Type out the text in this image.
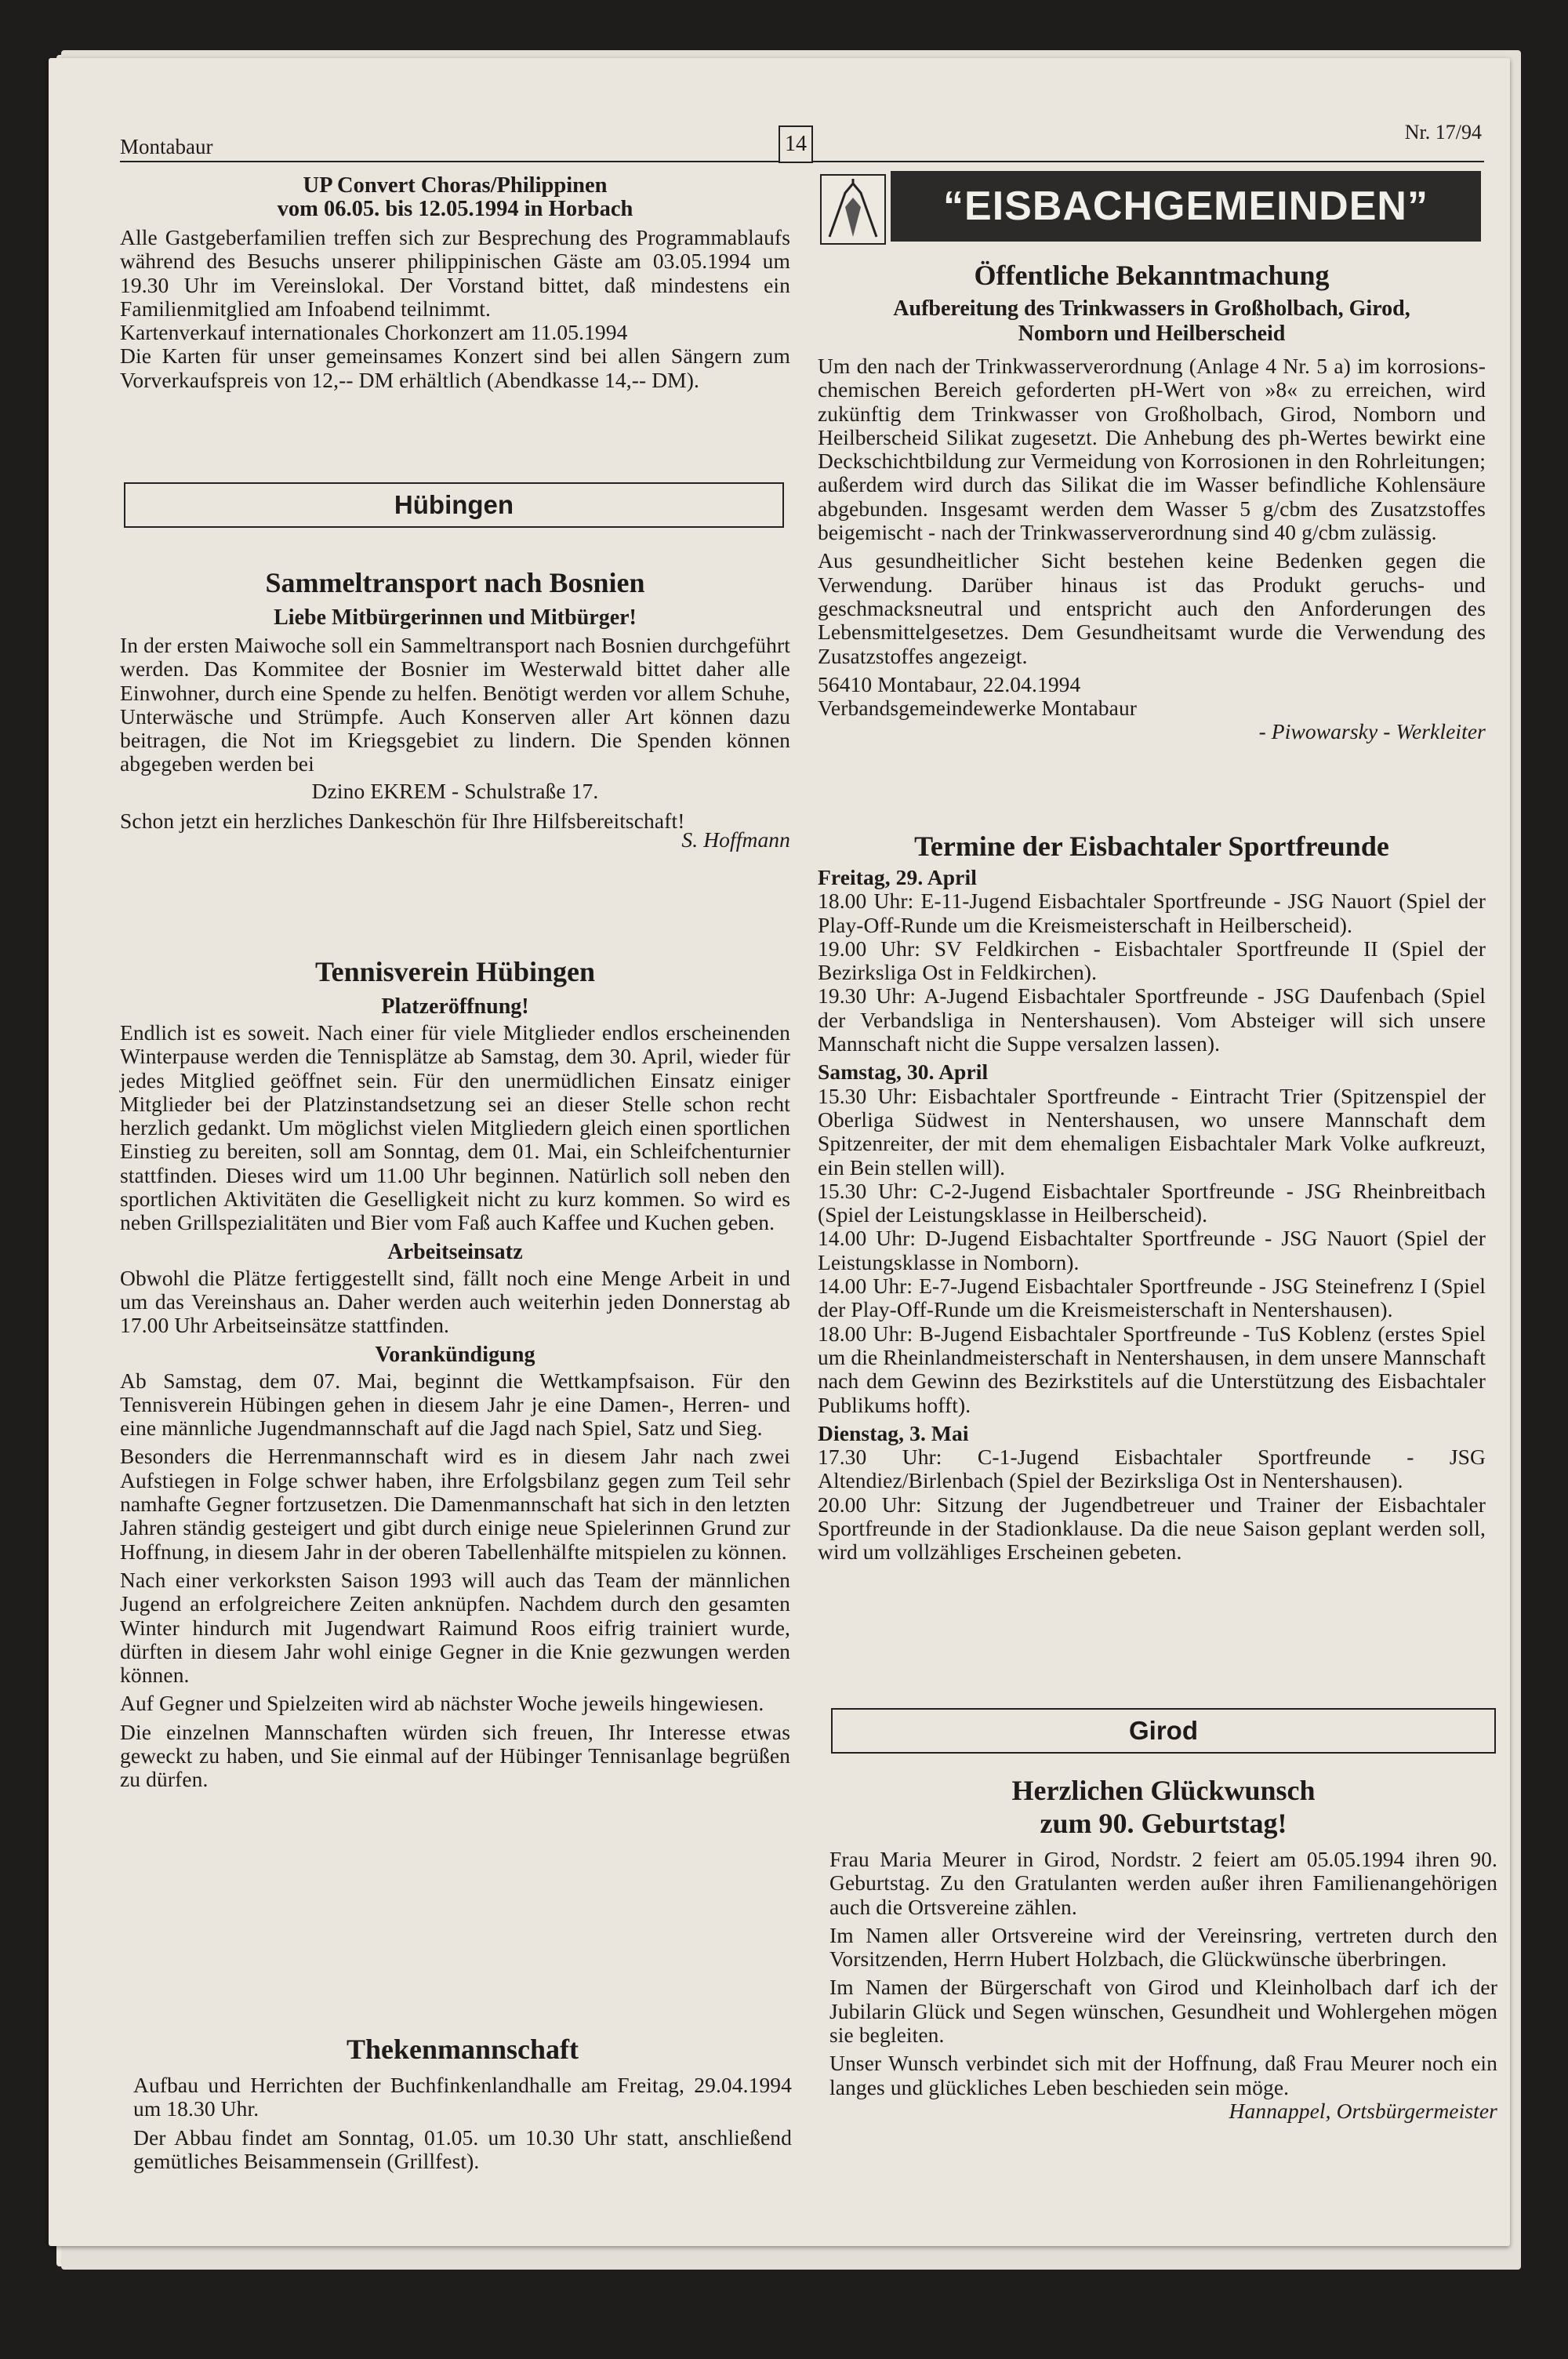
Montabaur	14	Nr. 17/94
UP Convert Choras/Philippinen
vom 06.05. bis 12.05.1994 in Horbach

Alle Gastgeberfamilien treffen sich zur Besprechung des Programmablaufs während des Besuchs unserer philippinischen Gäste am 03.05.1994 um 19.30 Uhr im Vereinslokal. Der Vorstand bittet, daß mindestens ein Familienmitglied am Infoabend teilnimmt.

Kartenverkauf internationales Chorkonzert am 11.05.1994

Die Karten für unser gemeinsames Konzert sind bei allen Sängern zum Vorverkaufspreis von 12,-- DM erhältlich (Abendkasse 14,-- DM).

Hübingen
Sammeltransport nach Bosnien
Liebe Mitbürgerinnen und Mitbürger!

In der ersten Maiwoche soll ein Sammeltransport nach Bosnien durchgeführt werden. Das Kommitee der Bosnier im Westerwald bittet daher alle Einwohner, durch eine Spende zu helfen. Benötigt werden vor allem Schuhe, Unterwäsche und Strümpfe. Auch Konserven aller Art können dazu beitragen, die Not im Kriegsgebiet zu lindern. Die Spenden können abgegeben werden bei

Dzino EKREM - Schulstraße 17.

Schon jetzt ein herzliches Dankeschön für Ihre Hilfsbereitschaft!

S. Hoffmann

Tennisverein Hübingen
Platzeröffnung!

Endlich ist es soweit. Nach einer für viele Mitglieder endlos erscheinenden Winterpause werden die Tennisplätze ab Samstag, dem 30. April, wieder für jedes Mitglied geöffnet sein. Für den unermüdlichen Einsatz einiger Mitglieder bei der Platzinstandsetzung sei an dieser Stelle schon recht herzlich gedankt. Um möglichst vielen Mitgliedern gleich einen sportlichen Einstieg zu bereiten, soll am Sonntag, dem 01. Mai, ein Schleifchenturnier stattfinden. Dieses wird um 11.00 Uhr beginnen. Natürlich soll neben den sportlichen Aktivitäten die Geselligkeit nicht zu kurz kommen. So wird es neben Grillspezialitäten und Bier vom Faß auch Kaffee und Kuchen geben.

Arbeitseinsatz

Obwohl die Plätze fertiggestellt sind, fällt noch eine Menge Arbeit in und um das Vereinshaus an. Daher werden auch weiterhin jeden Donnerstag ab 17.00 Uhr Arbeitseinsätze stattfinden.

Vorankündigung

Ab Samstag, dem 07. Mai, beginnt die Wettkampfsaison. Für den Tennisverein Hübingen gehen in diesem Jahr je eine Damen-, Herren- und eine männliche Jugendmannschaft auf die Jagd nach Spiel, Satz und Sieg.

Besonders die Herrenmannschaft wird es in diesem Jahr nach zwei Aufstiegen in Folge schwer haben, ihre Erfolgsbilanz gegen zum Teil sehr namhafte Gegner fortzusetzen. Die Damenmannschaft hat sich in den letzten Jahren ständig gesteigert und gibt durch einige neue Spielerinnen Grund zur Hoffnung, in diesem Jahr in der oberen Tabellenhälfte mitspielen zu können.

Nach einer verkorksten Saison 1993 will auch das Team der männlichen Jugend an erfolgreichere Zeiten anknüpfen. Nachdem durch den gesamten Winter hindurch mit Jugendwart Raimund Roos eifrig trainiert wurde, dürften in diesem Jahr wohl einige Gegner in die Knie gezwungen werden können.

Auf Gegner und Spielzeiten wird ab nächster Woche jeweils hingewiesen.

Die einzelnen Mannschaften würden sich freuen, Ihr Interesse etwas geweckt zu haben, und Sie einmal auf der Hübinger Tennisanlage begrüßen zu dürfen.

Thekenmannschaft

Aufbau und Herrichten der Buchfinkenlandhalle am Freitag, 29.04.1994 um 18.30 Uhr.

Der Abbau findet am Sonntag, 01.05. um 10.30 Uhr statt, anschließend gemütliches Beisammensein (Grillfest).

“EISBACHGEMEINDEN”
Öffentliche Bekanntmachung
Aufbereitung des Trinkwassers in Großholbach, Girod, Nomborn und Heilberscheid

Um den nach der Trinkwasserverordnung (Anlage 4 Nr. 5 a) im korrosions-chemischen Bereich geforderten pH-Wert von »8« zu erreichen, wird zukünftig dem Trinkwasser von Großholbach, Girod, Nomborn und Heilberscheid Silikat zugesetzt. Die Anhebung des ph-Wertes bewirkt eine Deckschichtbildung zur Vermeidung von Korrosionen in den Rohrleitungen; außerdem wird durch das Silikat die im Wasser befindliche Kohlensäure abgebunden. Insgesamt werden dem Wasser 5 g/cbm des Zusatzstoffes beigemischt - nach der Trinkwasserverordnung sind 40 g/cbm zulässig.

Aus gesundheitlicher Sicht bestehen keine Bedenken gegen die Verwendung. Darüber hinaus ist das Produkt geruchs- und geschmacksneutral und entspricht auch den Anforderungen des Lebensmittelgesetzes. Dem Gesundheitsamt wurde die Verwendung des Zusatzstoffes angezeigt.

56410 Montabaur, 22.04.1994

Verbandsgemeindewerke Montabaur

- Piwowarsky - Werkleiter

Termine der Eisbachtaler Sportfreunde

Freitag, 29. April

18.00 Uhr: E-11-Jugend Eisbachtaler Sportfreunde - JSG Nauort (Spiel der Play-Off-Runde um die Kreismeisterschaft in Heilberscheid).
19.00 Uhr: SV Feldkirchen - Eisbachtaler Sportfreunde II (Spiel der Bezirksliga Ost in Feldkirchen).
19.30 Uhr: A-Jugend Eisbachtaler Sportfreunde - JSG Daufenbach (Spiel der Verbandsliga in Nentershausen). Vom Absteiger will sich unsere Mannschaft nicht die Suppe versalzen lassen).

Samstag, 30. April

15.30 Uhr: Eisbachtaler Sportfreunde - Eintracht Trier (Spitzenspiel der Oberliga Südwest in Nentershausen, wo unsere Mannschaft dem Spitzenreiter, der mit dem ehemaligen Eisbachtaler Mark Volke aufkreuzt, ein Bein stellen will).
15.30 Uhr: C-2-Jugend Eisbachtaler Sportfreunde - JSG Rheinbreitbach (Spiel der Leistungsklasse in Heilberscheid).
14.00 Uhr: D-Jugend Eisbachtalter Sportfreunde - JSG Nauort (Spiel der Leistungsklasse in Nomborn).
14.00 Uhr: E-7-Jugend Eisbachtaler Sportfreunde - JSG Steinefrenz I (Spiel der Play-Off-Runde um die Kreismeisterschaft in Nentershausen).
18.00 Uhr: B-Jugend Eisbachtaler Sportfreunde - TuS Koblenz (erstes Spiel um die Rheinlandmeisterschaft in Nentershausen, in dem unsere Mannschaft nach dem Gewinn des Bezirkstitels auf die Unterstützung des Eisbachtaler Publikums hofft).

Dienstag, 3. Mai

17.30 Uhr: C-1-Jugend Eisbachtaler Sportfreunde - JSG Altendiez/Birlenbach (Spiel der Bezirksliga Ost in Nentershausen).
20.00 Uhr: Sitzung der Jugendbetreuer und Trainer der Eisbachtaler Sportfreunde in der Stadionklause. Da die neue Saison geplant werden soll, wird um vollzähliges Erscheinen gebeten.

Girod
Herzlichen Glückwunsch
zum 90. Geburtstag!

Frau Maria Meurer in Girod, Nordstr. 2 feiert am 05.05.1994 ihren 90. Geburtstag. Zu den Gratulanten werden außer ihren Familienangehörigen auch die Ortsvereine zählen.

Im Namen aller Ortsvereine wird der Vereinsring, vertreten durch den Vorsitzenden, Herrn Hubert Holzbach, die Glückwünsche überbringen.

Im Namen der Bürgerschaft von Girod und Kleinholbach darf ich der Jubilarin Glück und Segen wünschen, Gesundheit und Wohlergehen mögen sie begleiten.

Unser Wunsch verbindet sich mit der Hoffnung, daß Frau Meurer noch ein langes und glückliches Leben beschieden sein möge.

Hannappel, Ortsbürgermeister
